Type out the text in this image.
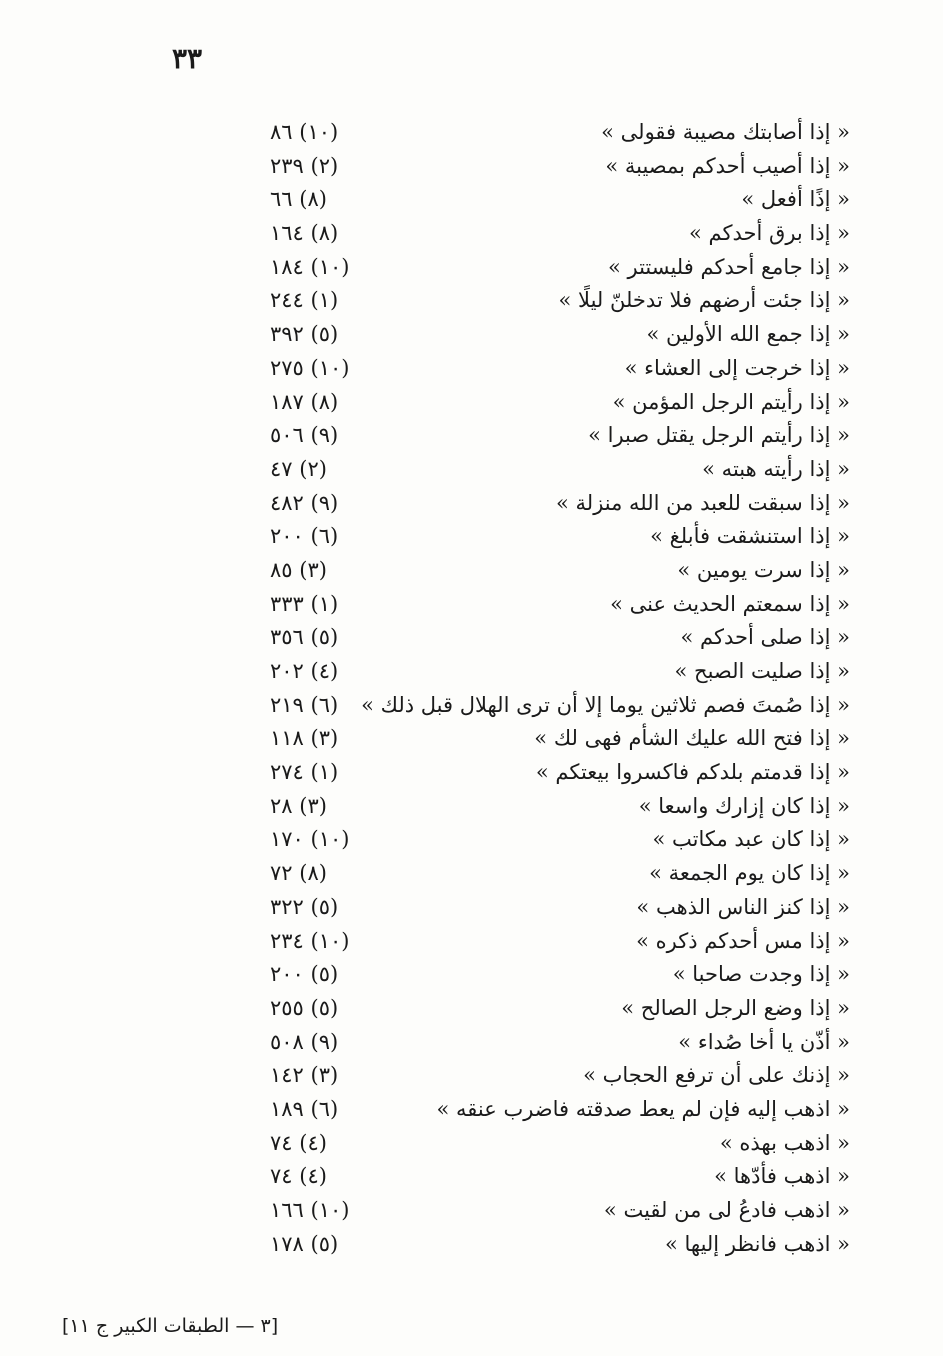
٣٣
« إذا أصابتك مصيبة فقولى »
(١٠) ٨٦
« إذا أصيب أحدكم بمصيبة »
(٢) ٢٣٩
« إذًا أفعل »
(٨) ٦٦
« إذا برق أحدكم »
(٨) ١٦٤
« إذا جامع أحدكم فليستتر »
(١٠) ١٨٤
« إذا جئت أرضهم فلا تدخلنّ ليلًا »
(١) ٢٤٤
« إذا جمع الله الأولين »
(٥) ٣٩٢
« إذا خرجت إلى العشاء »
(١٠) ٢٧٥
« إذا رأيتم الرجل المؤمن »
(٨) ١٨٧
« إذا رأيتم الرجل يقتل صبرا »
(٩) ٥٠٦
« إذا رأيته هبته »
(٢) ٤٧
« إذا سبقت للعبد من الله منزلة »
(٩) ٤٨٢
« إذا استنشقت فأبلغ »
(٦) ٢٠٠
« إذا سرت يومين »
(٣) ٨٥
« إذا سمعتم الحديث عنى »
(١) ٣٣٣
« إذا صلى أحدكم »
(٥) ٣٥٦
« إذا صليت الصبح »
(٤) ٢٠٢
« إذا صُمتَ فصم ثلاثين يوما إلا أن ترى الهلال قبل ذلك »
(٦) ٢١٩
« إذا فتح الله عليك الشأم فهى لك »
(٣) ١١٨
« إذا قدمتم بلدكم فاكسروا بيعتكم »
(١) ٢٧٤
« إذا كان إزارك واسعا »
(٣) ٢٨
« إذا كان عبد مكاتب »
(١٠) ١٧٠
« إذا كان يوم الجمعة »
(٨) ٧٢
« إذا كنز الناس الذهب »
(٥) ٣٢٢
« إذا مس أحدكم ذكره »
(١٠) ٢٣٤
« إذا وجدت صاحبا »
(٥) ٢٠٠
« إذا وضع الرجل الصالح »
(٥) ٢٥٥
« أذّن يا أخا صُداء »
(٩) ٥٠٨
« إذنك على أن ترفع الحجاب »
(٣) ١٤٢
« اذهب إليه فإن لم يعط صدقته فاضرب عنقه »
(٦) ١٨٩
« اذهب بهذه »
(٤) ٧٤
« اذهب فأدّها »
(٤) ٧٤
« اذهب فادعُ لى من لقيت »
(١٠) ١٦٦
« اذهب فانظر إليها »
(٥) ١٧٨
[٣ — الطبقات الكبير ج ١١]
